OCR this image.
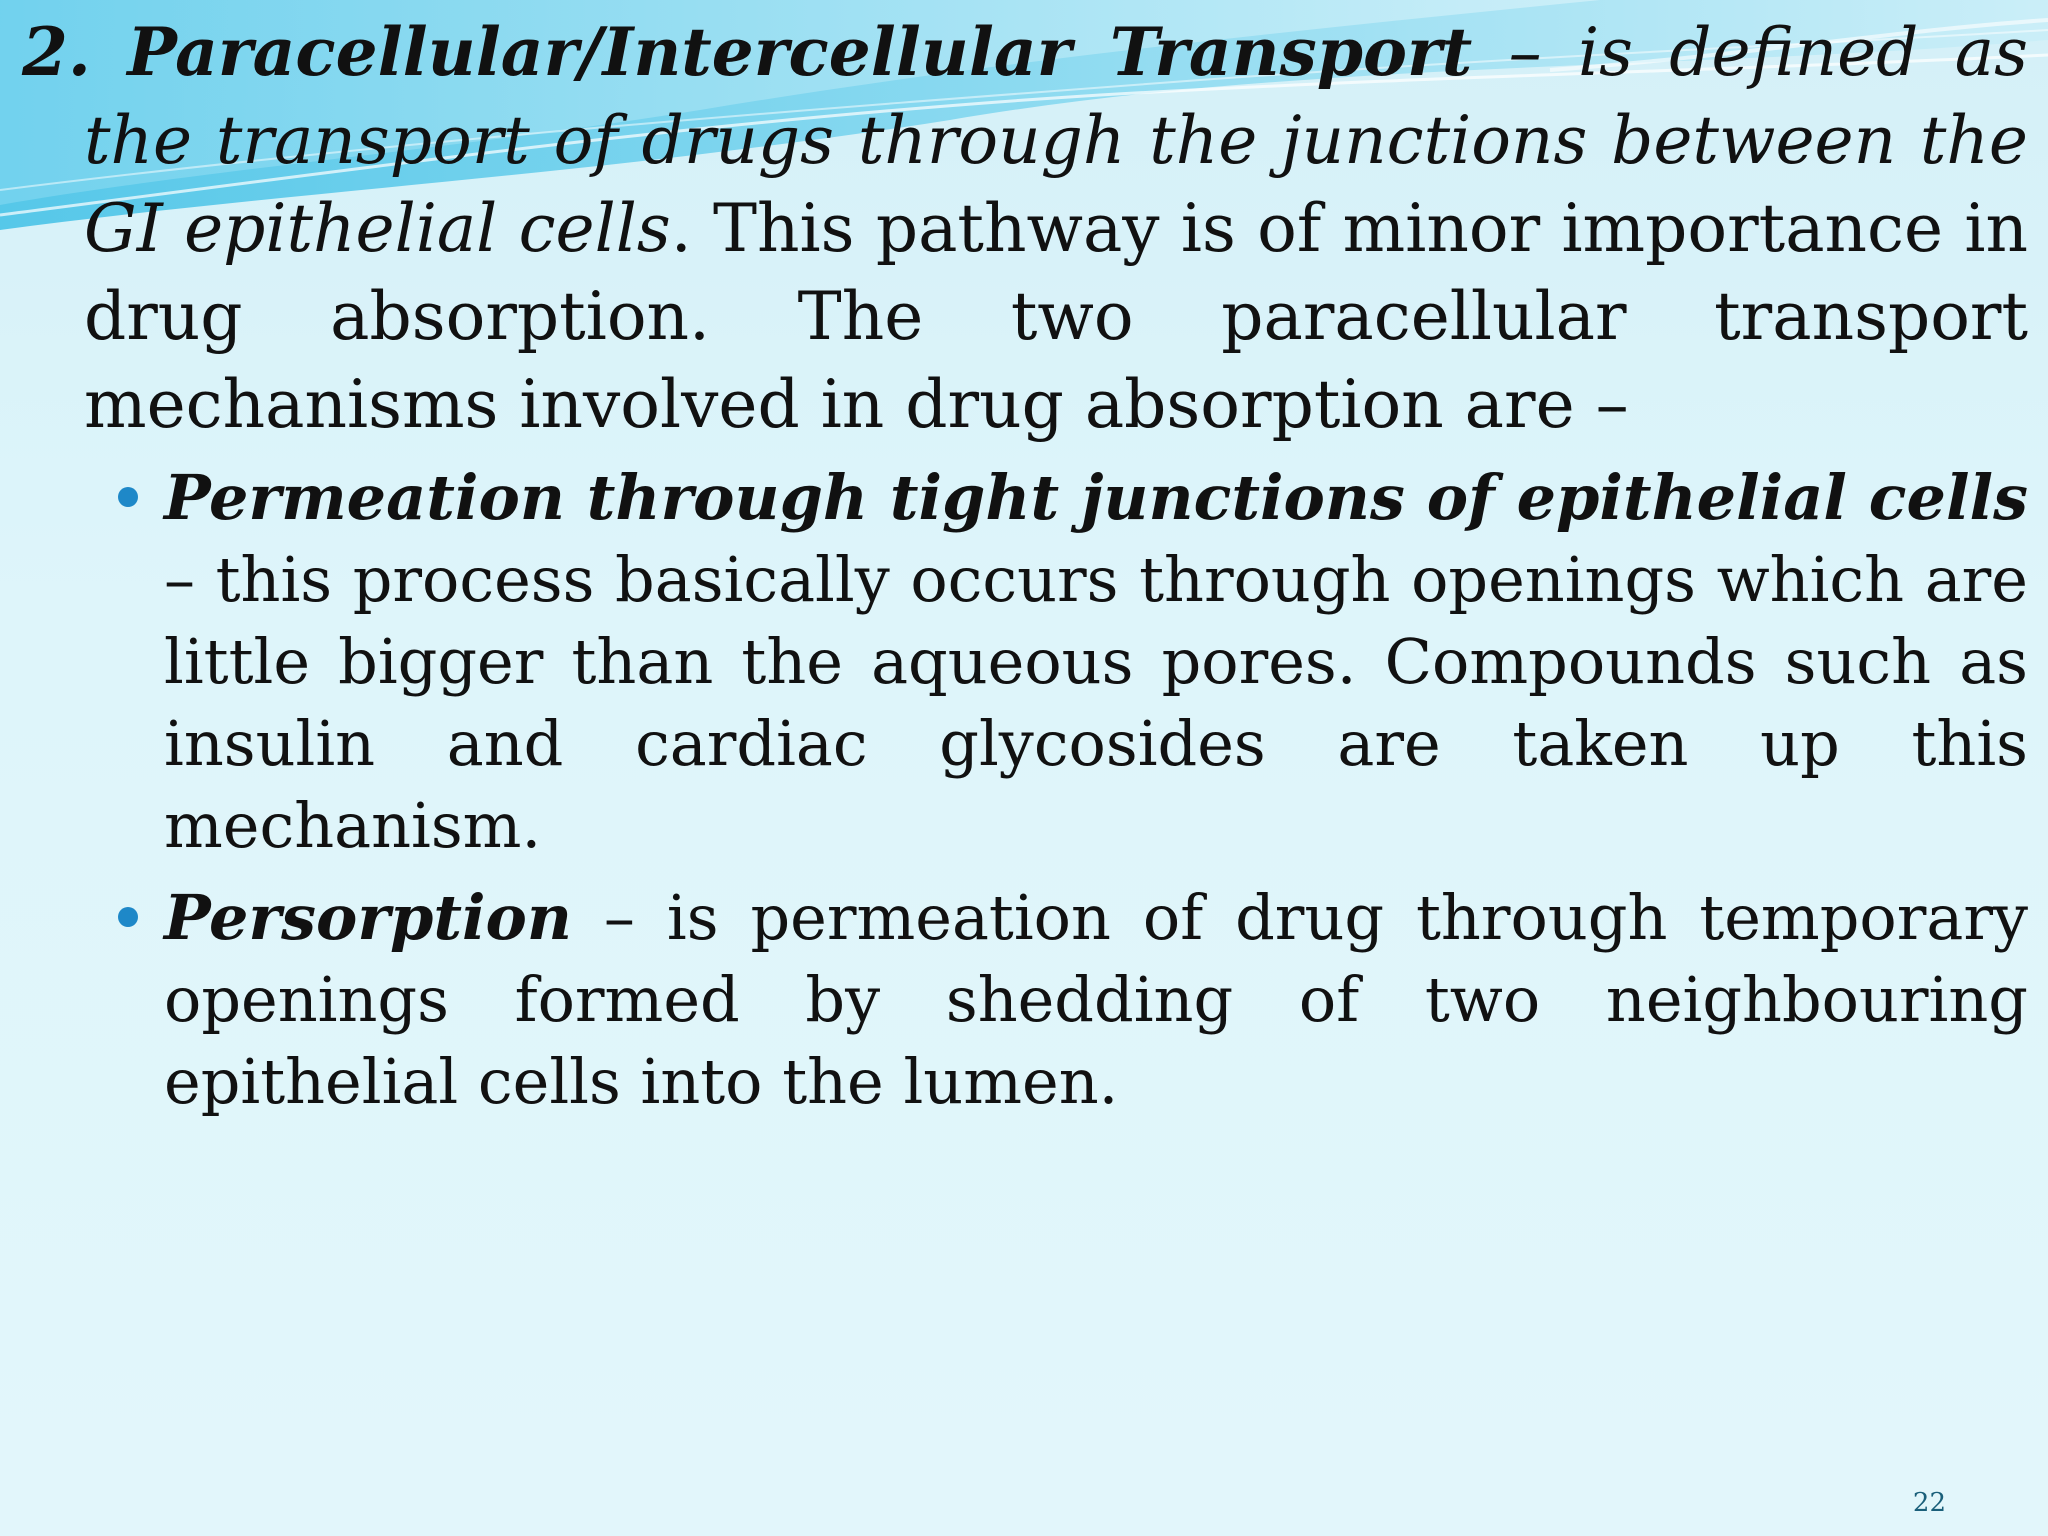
2. Paracellular/Intercellular Transport – is defined as the transport of drugs through the junctions between the GI epithelial cells. This pathway is of minor importance in drug absorption. The two paracellular transport mechanisms involved in drug absorption are –

Permeation through tight junctions of epithelial cells – this process basically occurs through openings which are little bigger than the aqueous pores. Compounds such as insulin and cardiac glycosides are taken up this mechanism.
Persorption – is permeation of drug through temporary openings formed by shedding of two neighbouring epithelial cells into the lumen.
22
